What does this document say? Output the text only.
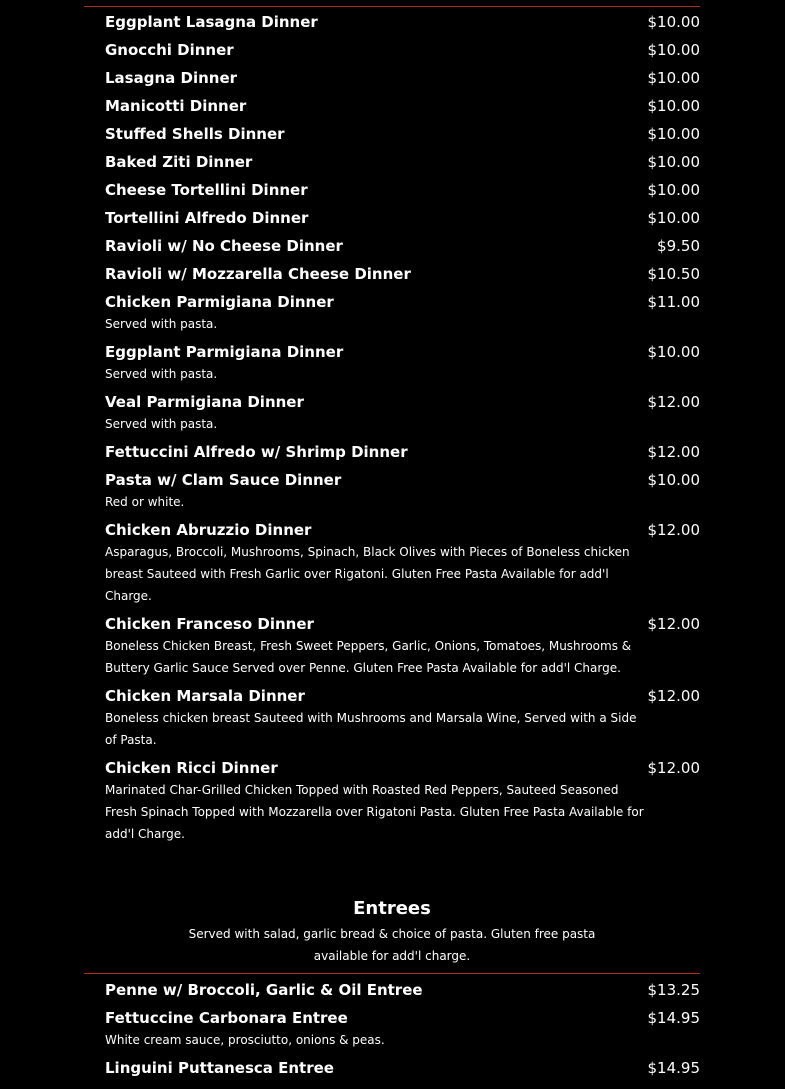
Eggplant Lasagna Dinner	$10.00
Gnocchi Dinner	$10.00
Lasagna Dinner	$10.00
Manicotti Dinner	$10.00
Stuffed Shells Dinner	$10.00
Baked Ziti Dinner	$10.00
Cheese Tortellini Dinner	$10.00
Tortellini Alfredo Dinner	$10.00
Ravioli w/ No Cheese Dinner	$9.50
Ravioli w/ Mozzarella Cheese Dinner	$10.50
Chicken Parmigiana Dinner	$11.00
Served with pasta.
Eggplant Parmigiana Dinner	$10.00
Served with pasta.
Veal Parmigiana Dinner	$12.00
Served with pasta.
Fettuccini Alfredo w/ Shrimp Dinner	$12.00
Pasta w/ Clam Sauce Dinner	$10.00
Red or white.
Chicken Abruzzio Dinner	$12.00
Asparagus, Broccoli, Mushrooms, Spinach, Black Olives with Pieces of Boneless chicken breast Sauteed with Fresh Garlic over Rigatoni. Gluten Free Pasta Available for add'l Charge.
Chicken Franceso Dinner	$12.00
Boneless Chicken Breast, Fresh Sweet Peppers, Garlic, Onions, Tomatoes, Mushrooms & Buttery Garlic Sauce Served over Penne. Gluten Free Pasta Available for add'l Charge.
Chicken Marsala Dinner	$12.00
Boneless chicken breast Sauteed with Mushrooms and Marsala Wine, Served with a Side of Pasta.
Chicken Ricci Dinner	$12.00
Marinated Char-Grilled Chicken Topped with Roasted Red Peppers, Sauteed Seasoned Fresh Spinach Topped with Mozzarella over Rigatoni Pasta. Gluten Free Pasta Available for add'l Charge.
Entrees
Served with salad, garlic bread & choice of pasta. Gluten free pasta available for add'l charge.
Penne w/ Broccoli, Garlic & Oil Entree	$13.25
Fettuccine Carbonara Entree	$14.95
White cream sauce, prosciutto, onions & peas.
Linguini Puttanesca Entree	$14.95
